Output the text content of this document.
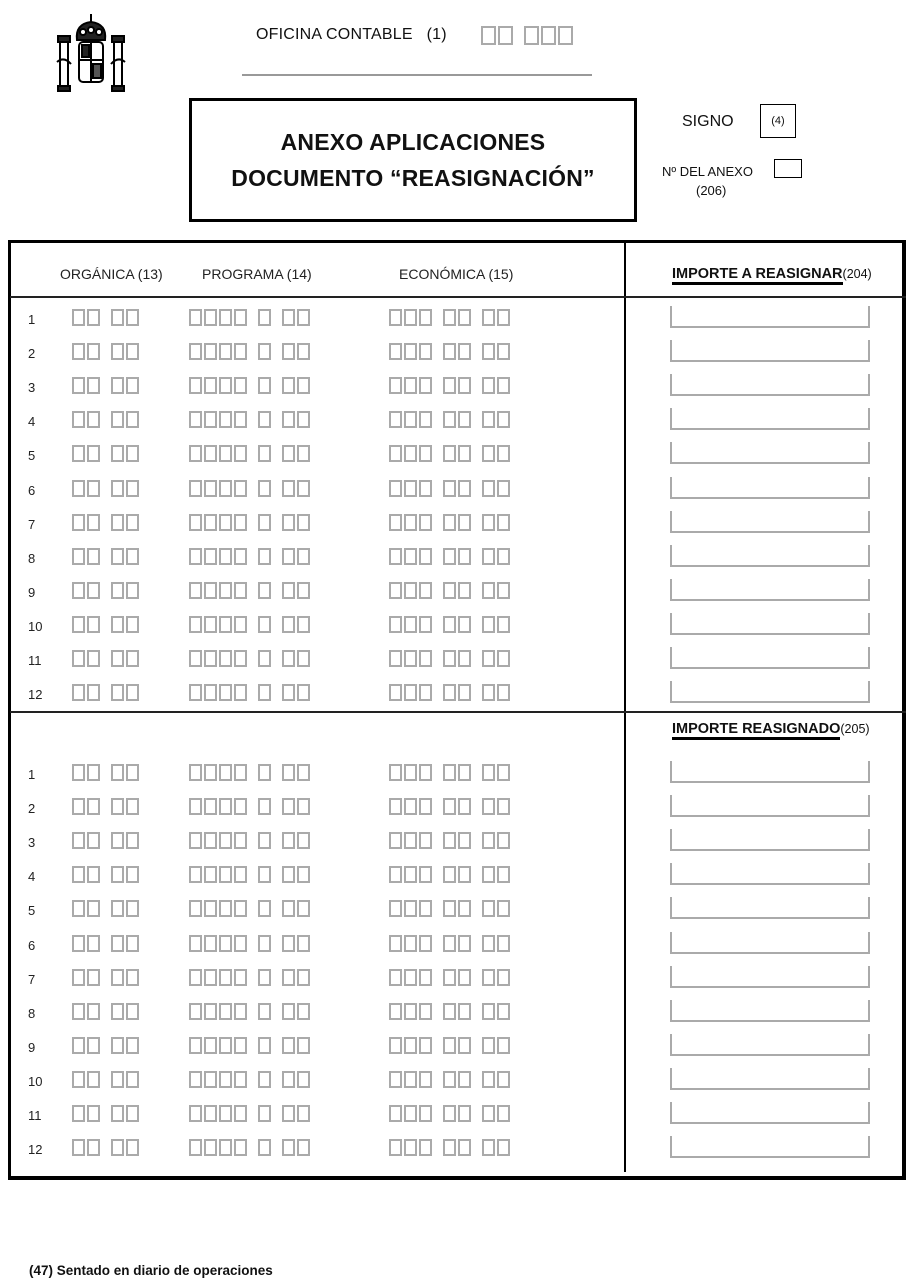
OFICINA CONTABLE (1)
ANEXO APLICACIONES
DOCUMENTO “REASIGNACIÓN”
SIGNO	(4)
Nº DEL ANEXO
(206)
ORGÁNICA (13)	PROGRAMA (14)	ECONÓMICA (15)	IMPORTE A REASIGNAR(204)
IMPORTE REASIGNADO(205)
1
2
3
4
5
6
7
8
9
10
11
12
1
2
3
4
5
6
7
8
9
10
11
12
(47) Sentado en diario de operaciones
